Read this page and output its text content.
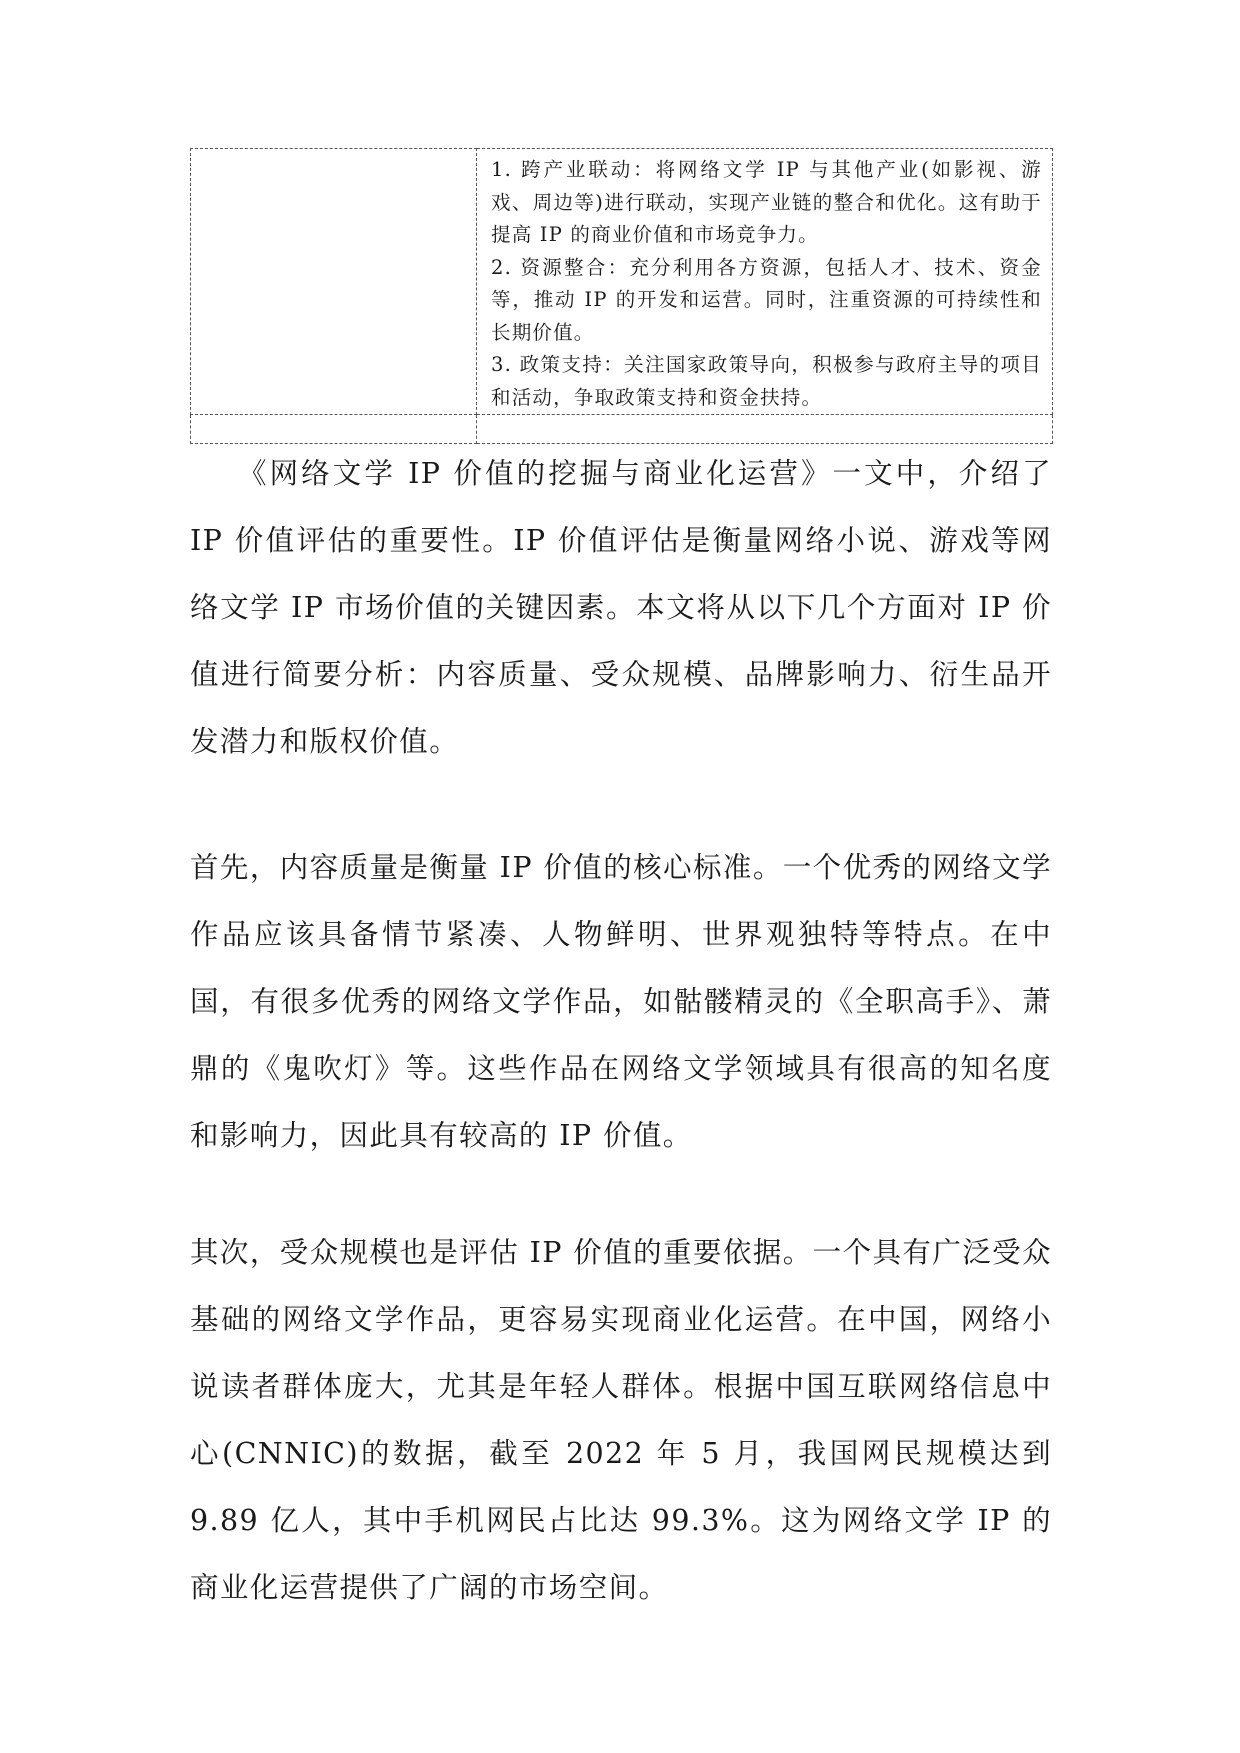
	1. 跨产业联动：将网络文学 IP 与其他产业(如影视、游戏、周边等)进行联动，实现产业链的整合和优化。这有助于提高 IP 的商业价值和市场竞争力。

2. 资源整合：充分利用各方资源，包括人才、技术、资金等，推动 IP 的开发和运营。同时，注重资源的可持续性和长期价值。

3. 政策支持：关注国家政策导向，积极参与政府主导的项目和活动，争取政策支持和资金扶持。

《网络文学 IP 价值的挖掘与商业化运营》一文中，介绍了 IP 价值评估的重要性。IP 价值评估是衡量网络小说、游戏等网络文学 IP 市场价值的关键因素。本文将从以下几个方面对 IP 价值进行简要分析：内容质量、受众规模、品牌影响力、衍生品开发潜力和版权价值。

首先，内容质量是衡量 IP 价值的核心标准。一个优秀的网络文学作品应该具备情节紧凑、人物鲜明、世界观独特等特点。在中国，有很多优秀的网络文学作品，如骷髅精灵的《全职高手》、萧鼎的《鬼吹灯》等。这些作品在网络文学领域具有很高的知名度和影响力，因此具有较高的 IP 价值。

其次，受众规模也是评估 IP 价值的重要依据。一个具有广泛受众基础的网络文学作品，更容易实现商业化运营。在中国，网络小说读者群体庞大，尤其是年轻人群体。根据中国互联网络信息中心(CNNIC)的数据，截至 2022 年 5 月，我国网民规模达到 9.89 亿人，其中手机网民占比达 99.3%。这为网络文学 IP 的商业化运营提供了广阔的市场空间。
